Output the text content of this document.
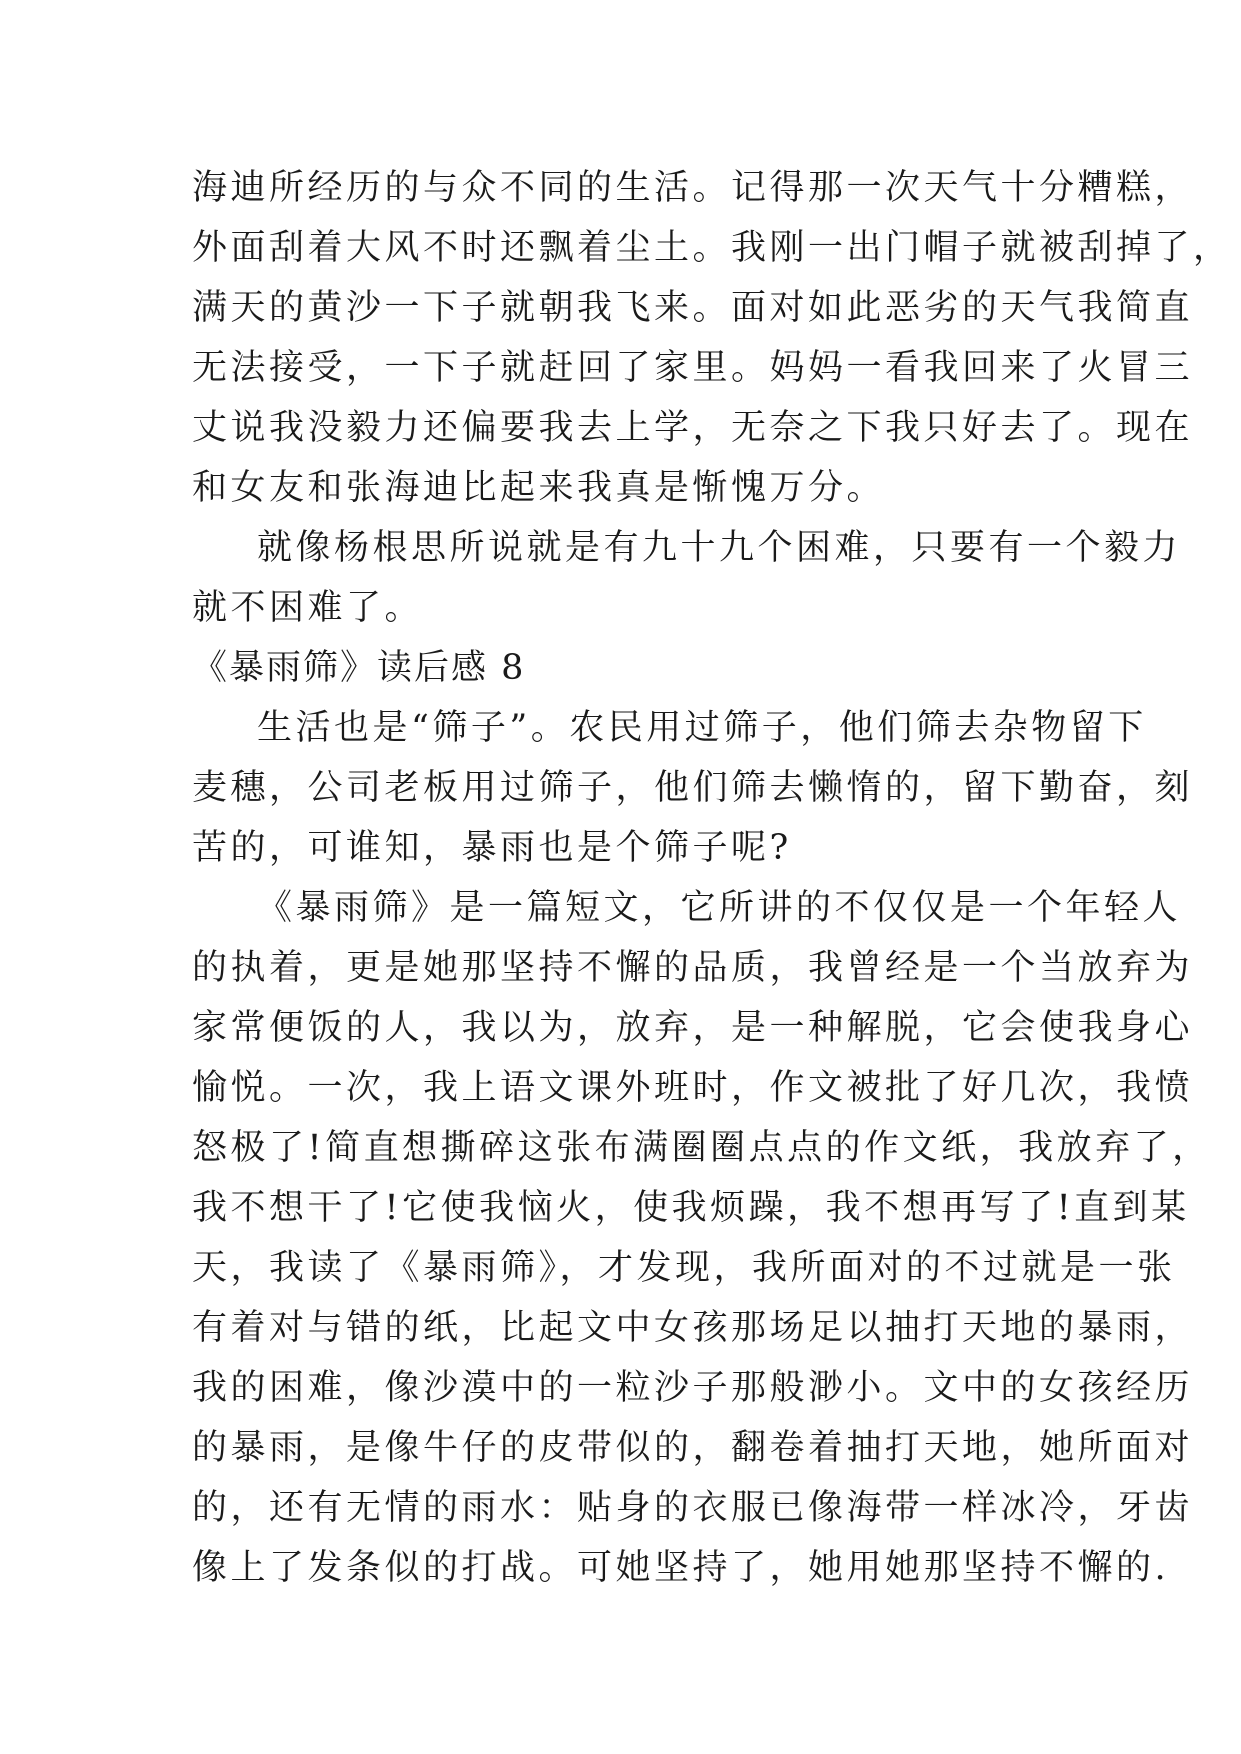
海迪所经历的与众不同的生活。记得那一次天气十分糟糕，
外面刮着大风不时还飘着尘土。我刚一出门帽子就被刮掉了，
满天的黄沙一下子就朝我飞来。面对如此恶劣的天气我简直
无法接受，一下子就赶回了家里。妈妈一看我回来了火冒三
丈说我没毅力还偏要我去上学，无奈之下我只好去了。现在
和女友和张海迪比起来我真是惭愧万分。
就像杨根思所说就是有九十九个困难，只要有一个毅力
就不困难了。
《暴雨筛》读后感 8
生活也是“筛子”。农民用过筛子，他们筛去杂物留下
麦穗，公司老板用过筛子，他们筛去懒惰的，留下勤奋，刻
苦的，可谁知，暴雨也是个筛子呢?
《暴雨筛》是一篇短文，它所讲的不仅仅是一个年轻人
的执着，更是她那坚持不懈的品质，我曾经是一个当放弃为
家常便饭的人，我以为，放弃，是一种解脱，它会使我身心
愉悦。一次，我上语文课外班时，作文被批了好几次，我愤
怒极了!简直想撕碎这张布满圈圈点点的作文纸，我放弃了，
我不想干了!它使我恼火，使我烦躁，我不想再写了!直到某
天，我读了《暴雨筛》，才发现，我所面对的不过就是一张
有着对与错的纸，比起文中女孩那场足以抽打天地的暴雨，
我的困难，像沙漠中的一粒沙子那般渺小。文中的女孩经历
的暴雨，是像牛仔的皮带似的，翻卷着抽打天地，她所面对
的，还有无情的雨水：贴身的衣服已像海带一样冰冷，牙齿
像上了发条似的打战。可她坚持了，她用她那坚持不懈的.
